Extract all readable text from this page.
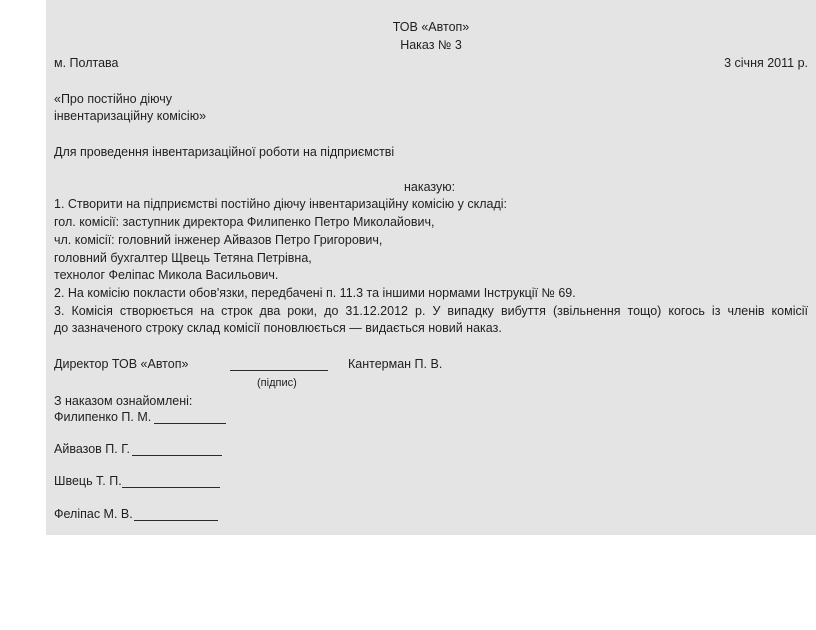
ТОВ «Автоп»
Наказ № 3
м. Полтава	3 січня 2011 р.
«Про постійно діючу
інвентаризаційну комісію»
Для проведення інвентаризаційної роботи на підприємстві
наказую:
1. Створити на підприємстві постійно діючу інвентаризаційну комісію у складі:
гол. комісії: заступник директора Филипенко Петро Миколайович,
чл. комісії: головний інженер Айвазов Петро Григорович,
головний бухгалтер Щвець Тетяна Петрівна,
технолог Феліпас Микола Васильович.
2. На комісію покласти обов'язки, передбачені п. 11.3 та іншими нормами Інструкції № 69.
3. Комісія створюється на строк два роки, до 31.12.2012 р. У випадку вибуття (звільнення тощо) когось із членів комісії
до зазначеного строку склад комісії поновлюється — видається новий наказ.
Директор ТОВ «Автоп»	Кантерман П. В.
(підпис)
З наказом ознайомлені:
Филипенко П. М.
Айвазов П. Г.
Швець Т. П.
Феліпас М. В.
